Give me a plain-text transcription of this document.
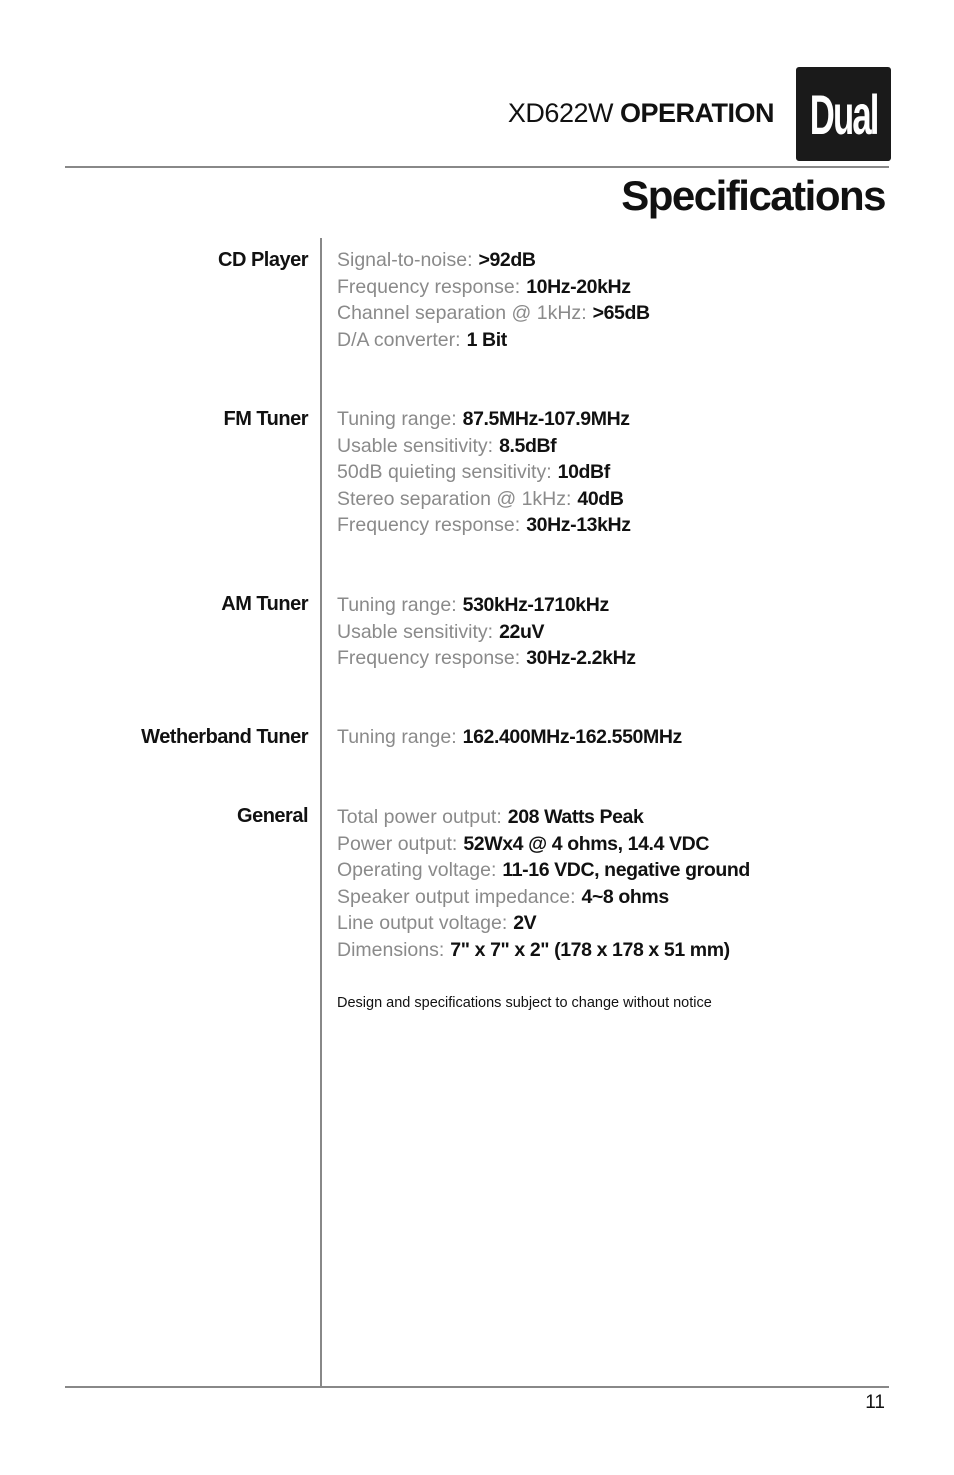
XD622W OPERATION Dual
Specifications
CD Player Signal-to-noise: >92dB
Frequency response: 10Hz-20kHz
Channel separation @ 1kHz: >65dB
D/A converter: 1 Bit
FM Tuner Tuning range: 87.5MHz-107.9MHz
Usable sensitivity: 8.5dBf
50dB quieting sensitivity: 10dBf
Stereo separation @ 1kHz: 40dB
Frequency response: 30Hz-13kHz
AM Tuner Tuning range: 530kHz-1710kHz
Usable sensitivity: 22uV
Frequency response: 30Hz-2.2kHz
Wetherband Tuner Tuning range: 162.400MHz-162.550MHz
General Total power output: 208 Watts Peak
Power output: 52Wx4 @ 4 ohms, 14.4 VDC
Operating voltage: 11-16 VDC, negative ground
Speaker output impedance: 4~8 ohms
Line output voltage: 2V
Dimensions: 7" x 7" x 2" (178 x 178 x 51 mm)
Design and specifications subject to change without notice
11
